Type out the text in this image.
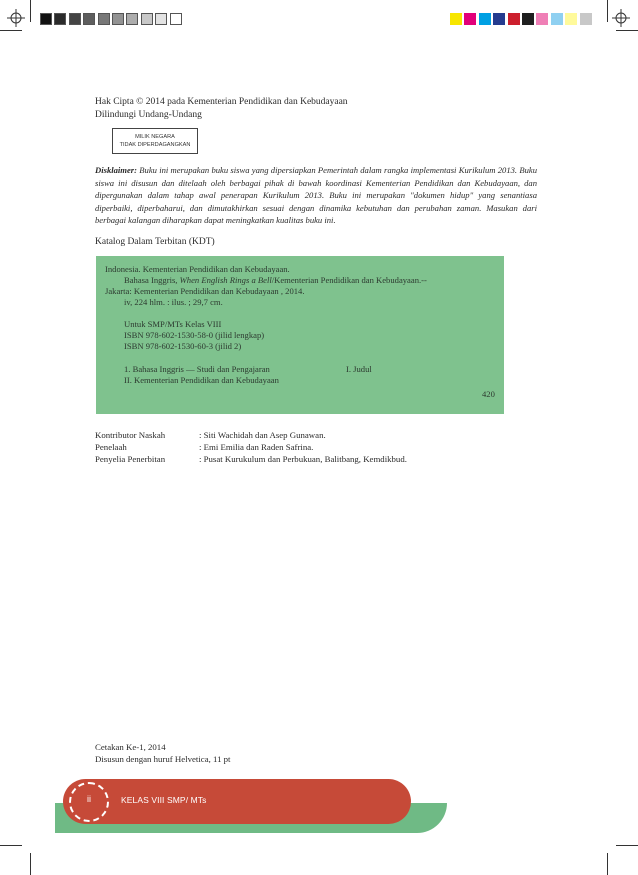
Hak Cipta © 2014 pada Kementerian Pendidikan dan Kebudayaan
Dilindungi Undang-Undang
MILIK NEGARA
TIDAK DIPERDAGANGKAN
Disklaimer: Buku ini merupakan buku siswa yang dipersiapkan Pemerintah dalam rangka implementasi Kurikulum 2013. Buku siswa ini disusun dan ditelaah oleh berbagai pihak di bawah koordinasi Kementerian Pendidikan dan Kebudayaan, dan dipergunakan dalam tahap awal penerapan Kurikulum 2013. Buku ini merupakan "dokumen hidup" yang senantiasa diperbaiki, diperbaharui, dan dimutakhirkan sesuai dengan dinamika kebutuhan dan perubahan zaman. Masukan dari berbagai kalangan diharapkan dapat meningkatkan kualitas buku ini.
Katalog Dalam Terbitan (KDT)
Indonesia. Kementerian Pendidikan dan Kebudayaan.
Bahasa Inggris, When English Rings a Bell/Kementerian Pendidikan dan Kebudayaan.--
Jakarta: Kementerian Pendidikan dan Kebudayaan , 2014.
iv, 224 hlm. : ilus. ; 29,7 cm.
Untuk SMP/MTs Kelas VIII
ISBN 978-602-1530-58-0 (jilid lengkap)
ISBN 978-602-1530-60-3 (jilid 2)
1. Bahasa Inggris — Studi dan Pengajaran	I. Judul
II. Kementerian Pendidikan dan Kebudayaan
420
Kontributor Naskah	: Siti Wachidah dan Asep Gunawan.
Penelaah	: Emi Emilia dan Raden Safrina.
Penyelia Penerbitan	: Pusat Kurukulum dan Perbukuan, Balitbang, Kemdikbud.
Cetakan Ke-1, 2014
Disusun dengan huruf Helvetica, 11 pt
ii	KELAS VIII SMP/ MTs
